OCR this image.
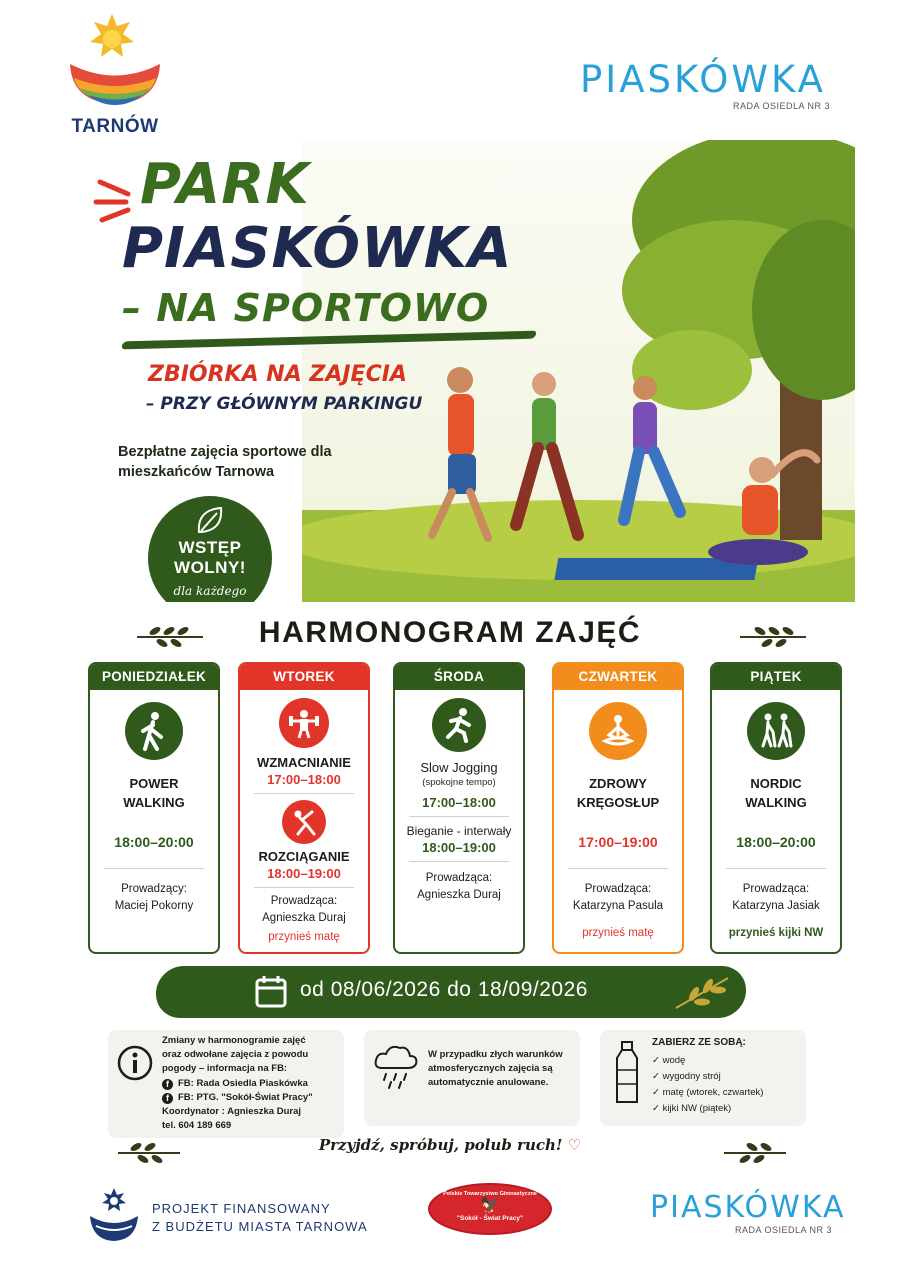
TARNÓW
PIASKÓWKA
RADA OSIEDLA NR 3
PARK
PIASKÓWKA
– NA SPORTOWO
ZBIÓRKA NA ZAJĘCIA
– PRZY GŁÓWNYM PARKINGU
Bezpłatne zajęcia sportowe dla mieszkańców Tarnowa
WSTĘP
WOLNY!
dla każdego
HARMONOGRAM ZAJĘĆ
PONIEDZIAŁEK
POWER
WALKING
18:00–20:00
Prowadzący:
Maciej Pokorny
WTOREK
WZMACNIANIE
17:00–18:00
ROZCIĄGANIE
18:00–19:00
Prowadząca:
Agnieszka Duraj
przynieś matę
ŚRODA
Slow Jogging
(spokojne tempo)
17:00–18:00
Bieganie - interwały
18:00–19:00
Prowadząca:
Agnieszka Duraj
CZWARTEK
ZDROWY
KRĘGOSŁUP
17:00–19:00
Prowadząca:
Katarzyna Pasula
przynieś matę
PIĄTEK
NORDIC
WALKING
18:00–20:00
Prowadząca:
Katarzyna Jasiak
przynieś kijki NW
od 08/06/2026 do 18/09/2026
Zmiany w harmonogramie zajęć
oraz odwołane zajęcia z powodu
pogody – informacja na FB:
f FB: Rada Osiedla Piaskówka
f FB: PTG. "Sokół-Świat Pracy"
Koordynator : Agnieszka Duraj
tel. 604 189 669
W przypadku złych warunków
atmosferycznych zajęcia są
automatycznie anulowane.
ZABIERZ ZE SOBĄ:
✓ wodę
✓ wygodny strój
✓ matę (wtorek, czwartek)
✓ kijki NW (piątek)
Przyjdź, spróbuj, polub ruch! ♡
PROJEKT FINANSOWANY
Z BUDŻETU MIASTA TARNOWA
Polskie Towarzystwo Gimnastyczne
🦅
"Sokół - Świat Pracy"	PIASKÓWKA
RADA OSIEDLA NR 3
